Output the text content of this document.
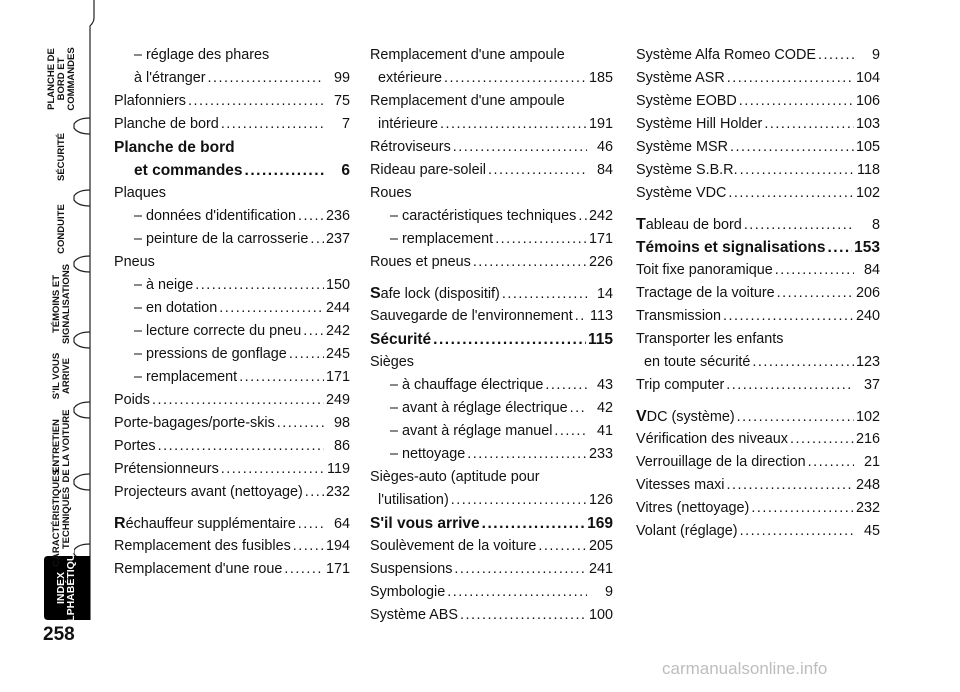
PLANCHE DE BORD ET COMMANDES
SÉCURITÉ
CONDUITE
TÉMOINS ET SIGNALISATIONS
S'IL VOUS ARRIVE
ENTRETIEN DE LA VOITURE
CARACTÉRISTIQUES TECHNIQUES
INDEX
ALPHABÉTIQUE
258
– réglage des phares
à l'étranger .....	99
Plafonniers .....	75
Planche de bord .....	7
Planche de bord
et commandes .....	6
Plaques
– données d'identification ..... 236
– peinture de la carrosserie ..... 237
Pneus
– à neige .....	150
– en dotation .....	244
– lecture correcte du pneu ..... 242
– pressions de gonflage .....	245
– remplacement .....	171
Poids .....	249
Porte-bagages/porte-skis .....	98
Portes .....	86
Prétensionneurs .....	119
Projecteurs avant (nettoyage) ..... 232
Réchauffeur supplémentaire .....	64
Remplacement des fusibles ..... 194
Remplacement d'une roue .....	171
Remplacement d'une ampoule
extérieure .....	185
Remplacement d'une ampoule
intérieure .....	191
Rétroviseurs .....	46
Rideau pare-soleil .....	84
Roues
– caractéristiques techniques ..... 242
– remplacement .....	171
Roues et pneus .....	226
Safe lock (dispositif) .....	14
Sauvegarde de l'environnement ..... 113
Sécurité .....	115
Sièges
– à chauffage électrique .....	43
– avant à réglage électrique .....	42
– avant à réglage manuel .....	41
– nettoyage .....	233
Sièges-auto (aptitude pour
l'utilisation) .....	126
S'il vous arrive .....	169
Soulèvement de la voiture .....	205
Suspensions .....	241
Symbologie .....	9
Système ABS .....	100
Système Alfa Romeo CODE .....	9
Système ASR .....	104
Système EOBD .....	106
Système Hill Holder .....	103
Système MSR .....	105
Système S.B.R. .....	118
Système VDC .....	102
Tableau de bord .....	8
Témoins et signalisations ..... 153
Toit fixe panoramique .....	84
Tractage de la voiture .....	206
Transmission .....	240
Transporter les enfants
en toute sécurité .....	123
Trip computer .....	37
VDC (système) .....	102
Vérification des niveaux .....	216
Verrouillage de la direction .....	21
Vitesses maxi .....	248
Vitres (nettoyage) .....	232
Volant (réglage) .....	45
carmanualsonline.info
